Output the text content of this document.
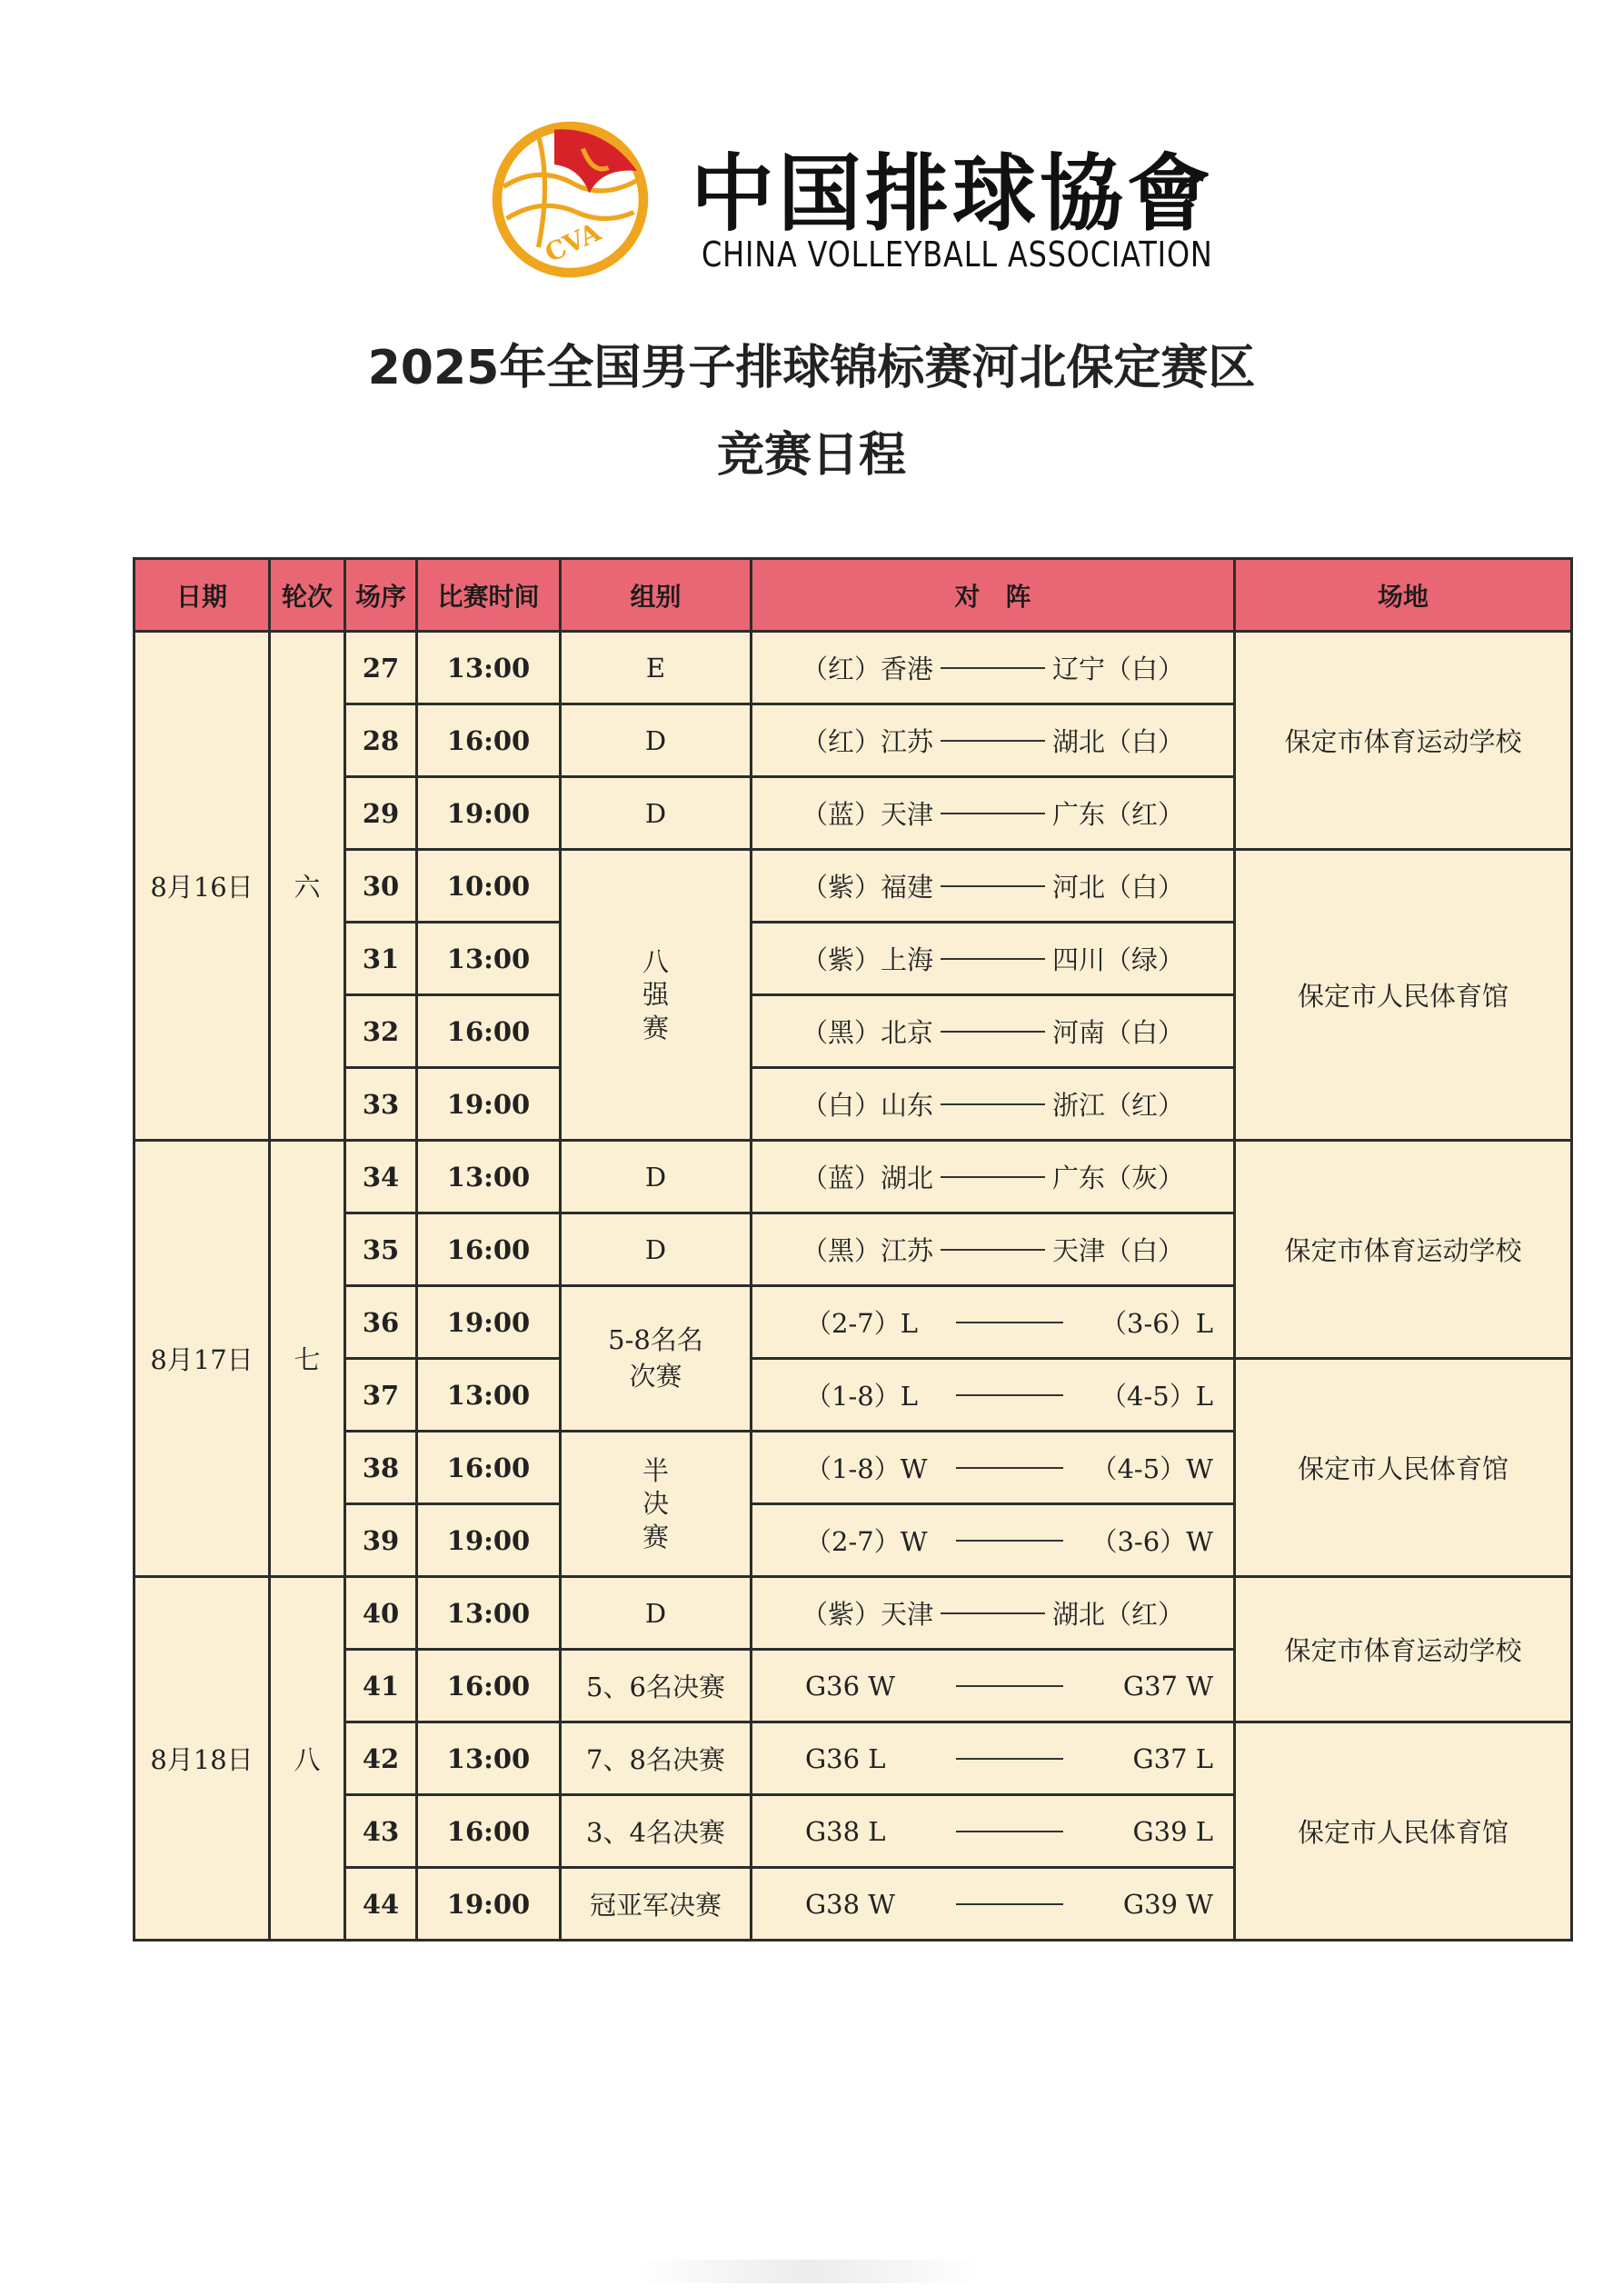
CVA 中国排球協會
CHINA VOLLEYBALL ASSOCIATION
2025年全国男子排球锦标赛河北保定赛区
竞赛日程
日期	轮次	场序	比赛时间	组别	对　阵	场地
8月16日	六	27	13:00	E	（红）香港 辽宁（白）	保定市体育运动学校
		28	16:00	D	（红）江苏 湖北（白）	

		29	19:00	D	（蓝）天津 广东（红）	

		30	10:00	八强赛	（紫）福建 河北（白）	保定市人民体育馆
		31	13:00		（紫）上海 四川（绿）	

		32	16:00		（黑）北京 河南（白）	

		33	19:00		（白）山东 浙江（红）	

8月17日	七	34	13:00	D	（蓝）湖北 广东（灰）	保定市体育运动学校
		35	16:00	D	（黑）江苏 天津（白）	

		36	19:00	5-8名名次赛	（2-7）L （3-6）L	

		37	13:00		（1-8）L （4-5）L	保定市人民体育馆
		38	16:00	半决赛	（1-8）W （4-5）W	

		39	19:00		（2-7）W （3-6）W	

8月18日	八	40	13:00	D	（紫）天津 湖北（红）	保定市体育运动学校
		41	16:00	5、6名决赛	G36 W G37 W	

		42	13:00	7、8名决赛	G36 L G37 L	保定市人民体育馆
		43	16:00	3、4名决赛	G38 L G39 L	

		44	19:00	冠亚军决赛	G38 W G39 W	
